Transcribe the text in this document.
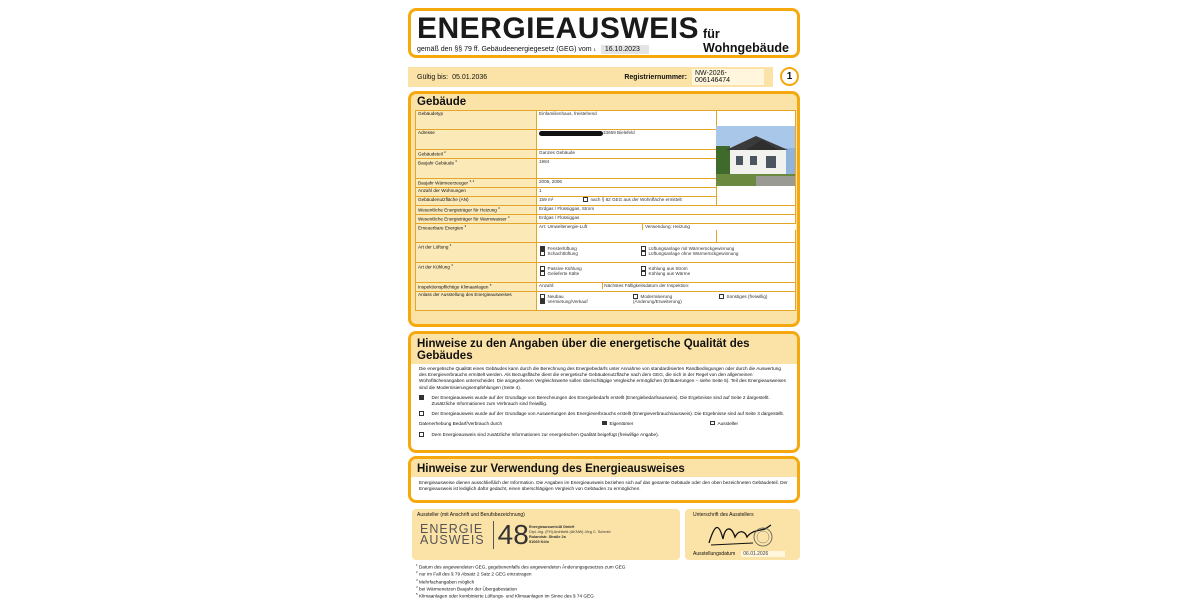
ENERGIEAUSWEIS für Wohngebäude
gemäß den §§ 79 ff. Gebäudeenergiegesetz (GEG) vom 1	16.10.2023
Gültig bis: 05.01.2036	Registriernummer:	NW-2026-006146474	1
Gebäude
Gebäudetyp	Einfamilienhaus, freistehend	
Adresse	33659 Bielefeld	
Gebäudeteil $^2$	Ganzes Gebäude	
Baujahr Gebäude $^3$	1984	
Baujahr Wärmeerzeuger $^{3, 4}$	2006, 2006	
Anzahl der Wohnungen	1	
Gebäudenutzfläche (AN)	159 m² nach § 82 GEG aus der Wohnfläche ermittelt	
Wesentliche Energieträger für Heizung $^3$	Erdgas / Flüssiggas, Strom	
Wesentliche Energieträger für Warmwasser $^3$	Erdgas / Flüssiggas	
Erneuerbare Energien $^3$	Art: Umweltenergie-Luft	Verwendung: Heizung

Art der Lüftung $^3$	Fensterlüftung
Schachtlüftung
Lüftungsanlage mit Wärmerückgewinnung
Lüftungsanlage ohne Wärmerückgewinnung	

Art der Kühlung $^3$	Passive Kühlung
Gelieferte Kälte
Kühlung aus Strom
Kühlung aus Wärme	

Inspektionspflichtige Klimaanlagen $^5$	Anzahl: Nächstes Fälligkeitsdatum der Inspektion:	
Anlass der Ausstellung des Energieausweises	Neubau
Vermietung/Verkauf
Modernisierung (Änderung/Erweiterung)
Sonstiges (freiwillig)	
Hinweise zu den Angaben über die energetische Qualität des Gebäudes
Die energetische Qualität eines Gebäudes kann durch die Berechnung des Energiebedarfs unter Annahme von standardisierten Randbedingungen oder durch die Auswertung des Energieverbrauchs ermittelt werden. Als Bezugsfläche dient die energetische Gebäudenutzfläche nach dem GEG, die sich in der Regel von den allgemeinen Wohnflächenangaben unterscheidet. Die angegebenen Vergleichswerte sollen überschlägige Vergleiche ermöglichen (Erläuterungen – siehe Seite 5). Teil des Energieausweises sind die Modernisierungsempfehlungen (Seite 4).
Der Energieausweis wurde auf der Grundlage von Berechnungen des Energiebedarfs erstellt (Energiebedarfsausweis). Die Ergebnisse sind auf Seite 2 dargestellt. Zusätzliche Informationen zum Verbrauch sind freiwillig.
Der Energieausweis wurde auf der Grundlage von Auswertungen des Energieverbrauchs erstellt (Energieverbrauchsausweis). Die Ergebnisse sind auf Seite 3 dargestellt.
Datenerhebung Bedarf/Verbrauch durch	Eigentümer	Aussteller
Dem Energieausweis sind zusätzliche Informationen zur energetischen Qualität beigefügt (freiwillige Angabe).
Hinweise zur Verwendung des Energieausweises
Energieausweise dienen ausschließlich der Information. Die Angaben im Energieausweis beziehen sich auf das gesamte Gebäude oder den oben bezeichneten Gebäudeteil. Der Energieausweis ist lediglich dafür gedacht, einen überschlägigen Vergleich von Gebäuden zu ermöglichen.
Aussteller (mit Anschrift und Berufsbezeichnung)
ENERGIE
AUSWEIS 48 Energieausweis48 GmbH
Dipl.-Ing. (FH) Architekt (AKNW) Jörg C. Schmid
Rolandstr. Straße 2a
51065 Köln
Unterschrift des Ausstellers
Ausstellungsdatum	06.01.2026
$^1$ Datum des angewendeten GEG, gegebenenfalls des angewendeten Änderungsgesetzes zum GEG
$^2$ nur im Fall des § 79 Absatz 2 Satz 2 GEG einzutragen
$^3$ Mehrfachangaben möglich
$^4$ bei Wärmenetzen Baujahr der Übergabestation
$^5$ Klimaanlagen oder kombinierte Lüftungs- und Klimaanlagen im Sinne des § 74 GEG
